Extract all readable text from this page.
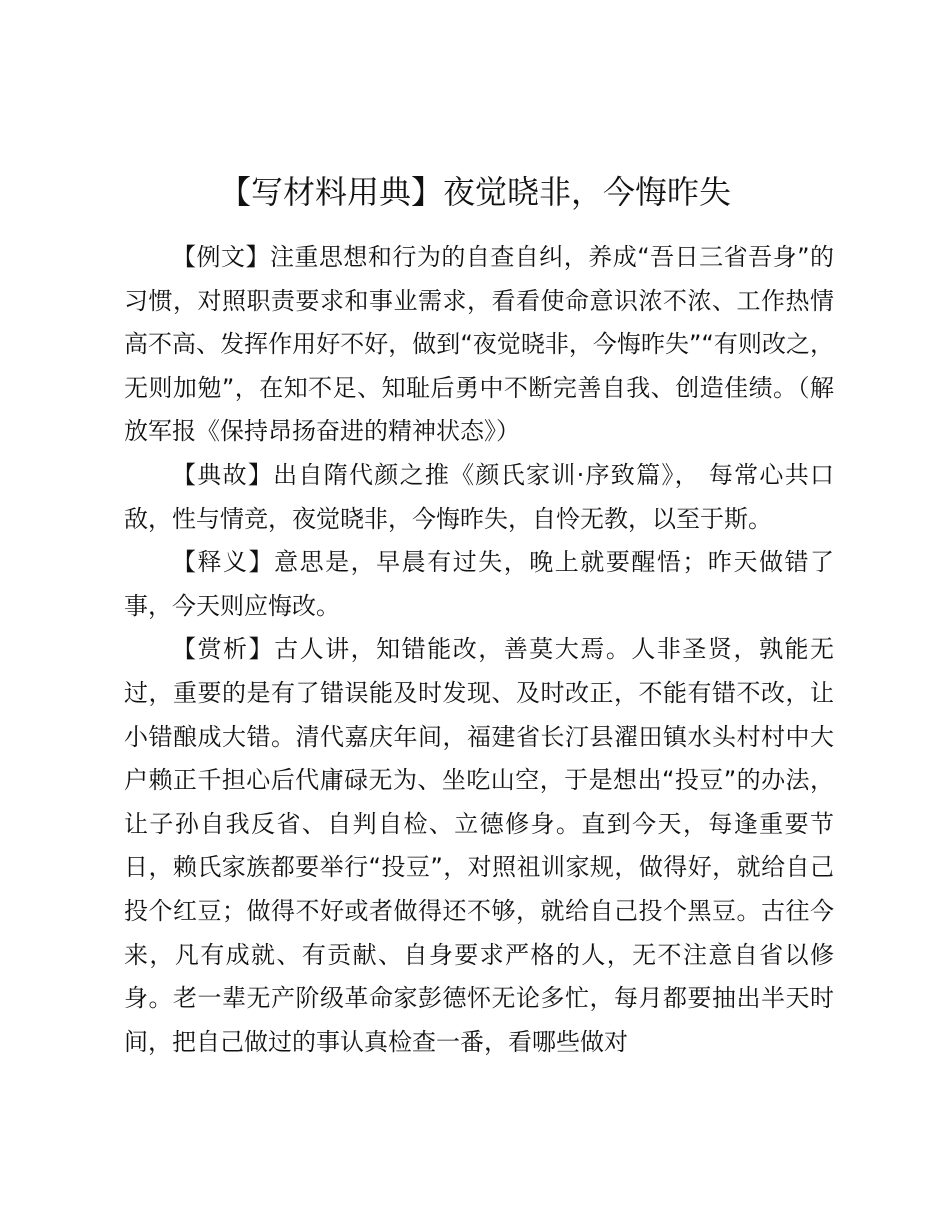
【写材料用典】夜觉晓非，今悔昨失

【例文】注重思想和行为的自查自纠，养成“吾日三省吾身”的习惯，对照职责要求和事业需求，看看使命意识浓不浓、工作热情高不高、发挥作用好不好，做到“夜觉晓非，今悔昨失”“有则改之，无则加勉”，在知不足、知耻后勇中不断完善自我、创造佳绩。（解放军报《保持昂扬奋进的精神状态》）

【典故】出自隋代颜之推《颜氏家训·序致篇》， 每常心共口敌，性与情竞，夜觉晓非，今悔昨失，自怜无教，以至于斯。

【释义】意思是，早晨有过失，晚上就要醒悟；昨天做错了事，今天则应悔改。

【赏析】古人讲，知错能改，善莫大焉。人非圣贤，孰能无过，重要的是有了错误能及时发现、及时改正，不能有错不改，让小错酿成大错。清代嘉庆年间，福建省长汀县濯田镇水头村村中大户赖正千担心后代庸碌无为、坐吃山空，于是想出“投豆”的办法，让子孙自我反省、自判自检、立德修身。直到今天，每逢重要节日，赖氏家族都要举行“投豆”，对照祖训家规，做得好，就给自己投个红豆；做得不好或者做得还不够，就给自己投个黑豆。古往今来，凡有成就、有贡献、自身要求严格的人，无不注意自省以修身。老一辈无产阶级革命家彭德怀无论多忙，每月都要抽出半天时间，把自己做过的事认真检查一番，看哪些做对
